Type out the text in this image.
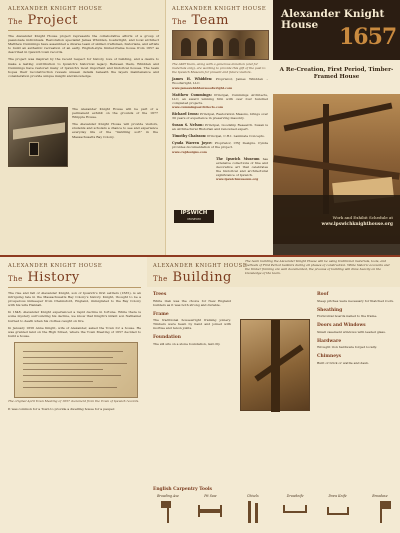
ALEXANDER KNIGHT HOUSE
The Project

The Alexander Knight House project represents the collaborative efforts of a group of passionate individuals. Restoration specialist James Whidden, boatwright, and local architect Matthew Cummings have assembled a diverse team of skilled craftsmen, historians, and artists to build an authentic recreation of an early, English-style timber-frame house from 1657 as described in Ipswich town records.

The project was inspired by the recent respect for history, love of building, and a desire to make a lasting contribution to Ipswich's historical legacy. Between them, Whidden and Cummings have restored many of Ipswich's most important and historical houses. The team hopes their reconstruction reveals unseen details beneath the layers maintenance and consideration provide unique insight and knowledge.

The Alexander Knight House will be part of a permanent exhibit on the grounds of the 1677 Whipple House.

The Alexander Knight House will provide visitors, students and scholars a chance to see and experience everyday life of the "middling sort" in the Massachusetts Bay Colony.

ALEXANDER KNIGHT HOUSE
The Team

The AKH Team, along with a generous donation (and for materials only), are working to provide this gift of the past to the Ipswich Museum for present and future visitors.

James H. Whidden: Proprietor, James Whidden – Woodwright, LLC.
www.jameswhiddenwoodwright.com
Matthew Cummings: Principal, Cummings Architects, LLC, an award winning firm with over four hundred completed projects.
www.cummingsarchitects.com
Richard Irons: Principal, Restoration Masons, brings over 30 years of experience in preserving masonry.
Susan S. Nelson: Principal, Goodship Research. Susan is an Architectural Historian and renowned expert.
Timothy Chaisson: Principal, C.H.I. Laminate Concepts.
Cynda Warren Joyce: Proprietor, CWJ Designs. Cynda provides documentation of the project.
www.cwjdesigns.com
The Ipswich Museum has extensive collections of fine and decorative art that celebrates the historical and architectural significance of Ipswich.
www.ipswichmuseum.org
IPSWICH
MUSEUM
Alexander Knight
House 1657
A Re-Creation, First Period, Timber-Framed House
Work and Exhibit Schedule at
www.ipswichknighthouse.org
ALEXANDER KNIGHT HOUSE
The History

The rise and fall of Alexander Knight, son of Ipswich's first settlers (1635), is an intriguing tale in the Massachusetts Bay Colony's history. Knight, thought to be a prosperous innkeeper from Chelmsford, England, immigrated to the Bay Colony with his wife Hannah.

In 1648, Alexander Knight experienced a rapid decline in fortune. While there is some mystery surrounding his decline, we know that Knight's infant son Nathaniel burned to death when his clothes caught on fire.

In January 1656 Anne Knight, wife of Alexander, asked the Town for a house. He was granted land on the High Street, where the Town Meeting of 1657 decided to build a house.

The original April Town Meeting of 1657 document from the Town of Ipswich records.

It was common for a Town to provide a dwelling house for a pauper.

ALEXANDER KNIGHT HOUSE
The Building

The team building the Alexander Knight House will be using traditional materials, tools, and methods of First Period builders during all phases of construction. While historic accounts and the timber framing are well documented, the process of building will draw heavily on the knowledge of the team.

Trees

White Oak was the choice for New England builders as it was both strong and durable.

Frame

The traditional housewright framing joinery. Timbers were hewn by hand and joined with mortise and tenon joints.

Foundation

The sill sits on a stone foundation, laid dry.

Roof

Steep pitches were necessary for thatched roofs.

Sheathing

Horizontal boards nailed to the frame.

Doors and Windows

Small casement windows with leaded glass.

Hardware

Wrought iron hardware forged locally.

Chimneys

Built of brick or wattle and daub.

English Carpentry Tools
Broading Axe	Pit Saw	Chisels	Drawknife	Draw Knife	Broadaxe
